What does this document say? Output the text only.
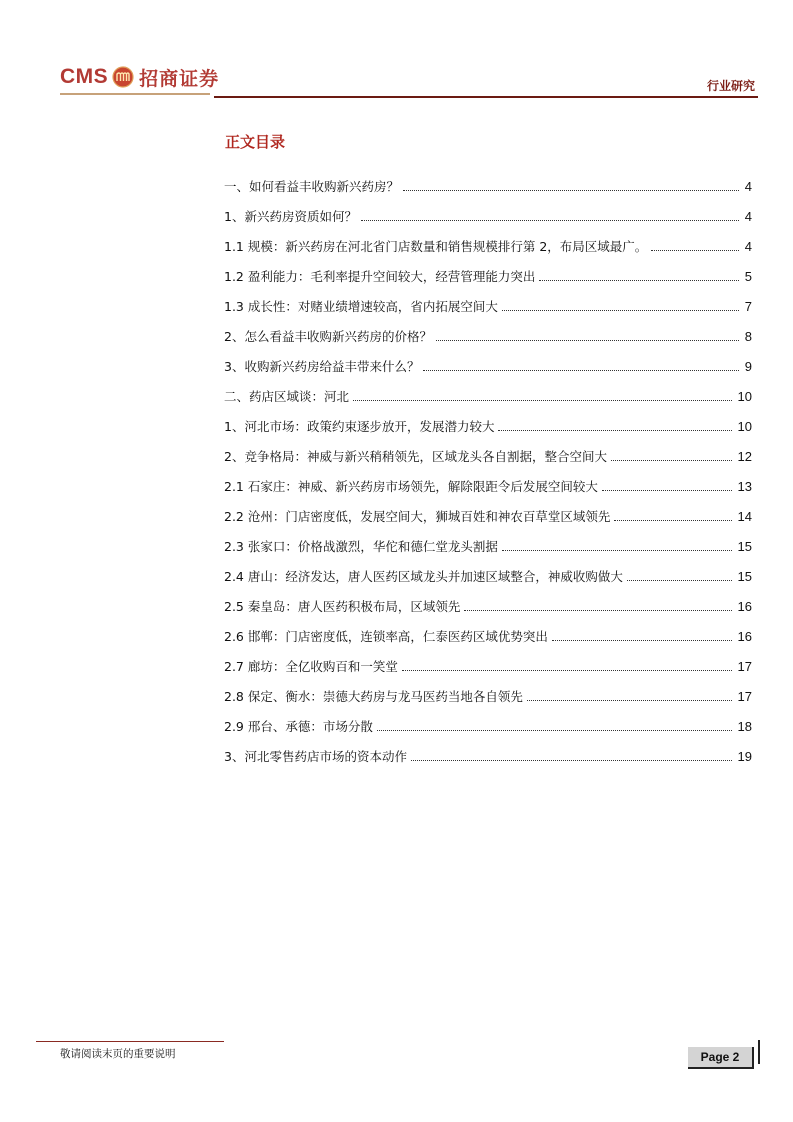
CMS 招商证券	行业研究
正文目录
一、如何看益丰收购新兴药房？	4
1、新兴药房资质如何？	4
1.1 规模：新兴药房在河北省门店数量和销售规模排行第 2，布局区域最广。	4
1.2 盈利能力：毛利率提升空间较大，经营管理能力突出	5
1.3 成长性：对赌业绩增速较高，省内拓展空间大	7
2、怎么看益丰收购新兴药房的价格？	8
3、收购新兴药房给益丰带来什么？	9
二、药店区域谈：河北	10
1、河北市场：政策约束逐步放开，发展潜力较大	10
2、竞争格局：神威与新兴稍稍领先，区域龙头各自割据，整合空间大	12
2.1 石家庄：神威、新兴药房市场领先，解除限距令后发展空间较大	13
2.2 沧州：门店密度低，发展空间大，狮城百姓和神农百草堂区域领先	14
2.3 张家口：价格战激烈，华佗和德仁堂龙头割据	15
2.4 唐山：经济发达，唐人医药区域龙头并加速区域整合，神威收购做大	15
2.5 秦皇岛：唐人医药积极布局，区域领先	16
2.6 邯郸：门店密度低，连锁率高，仁泰医药区域优势突出	16
2.7 廊坊：全亿收购百和一笑堂	17
2.8 保定、衡水：崇德大药房与龙马医药当地各自领先	17
2.9 邢台、承德：市场分散	18
3、河北零售药店市场的资本动作	19
敬请阅读末页的重要说明	Page 2
